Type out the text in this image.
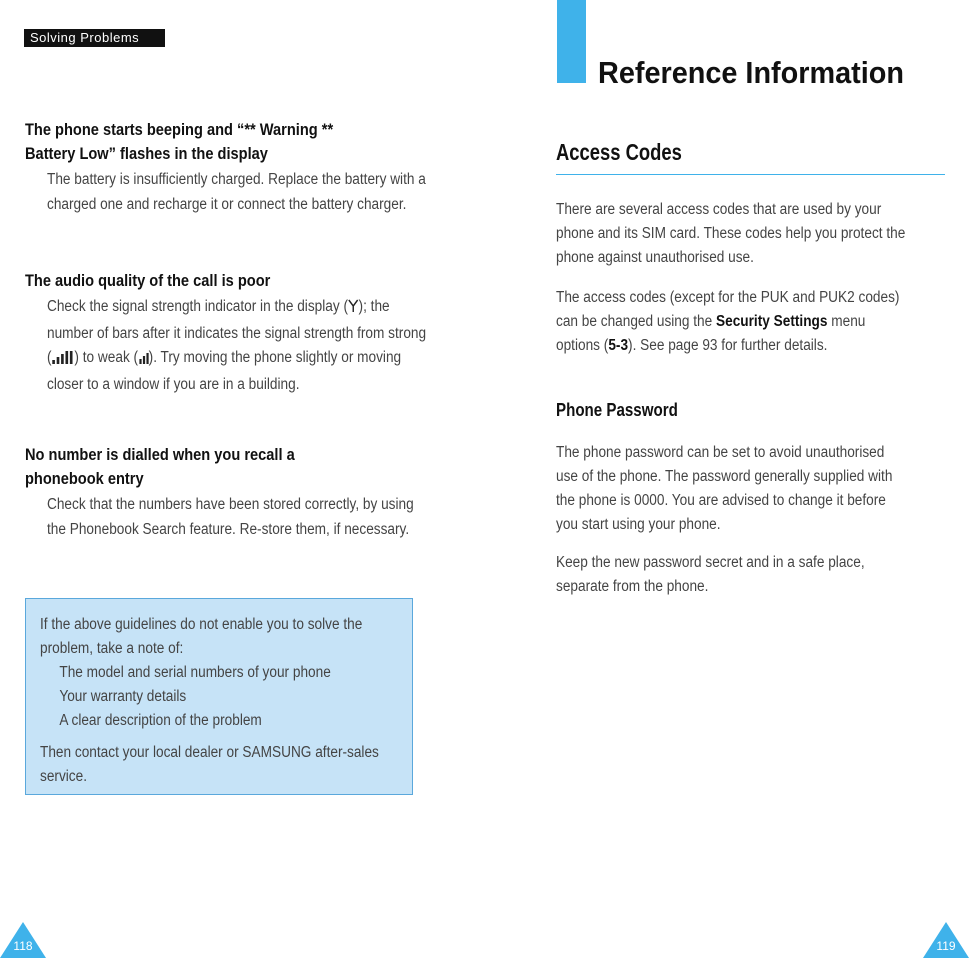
Solving Problems
The phone starts beeping and “** Warning **
Battery Low” flashes in the display
The battery is insufficiently charged. Replace the battery with a charged one and recharge it or connect the battery charger.
The audio quality of the call is poor
Check the signal strength indicator in the display ( ); the number of bars after it indicates the signal strength from strong ( ) to weak ( ). Try moving the phone slightly or moving closer to a window if you are in a building.
No number is dialled when you recall a
phonebook entry
Check that the numbers have been stored correctly, by using the Phonebook Search feature. Re-store them, if necessary.

If the above guidelines do not enable you to solve the problem, take a note of:

The model and serial numbers of your phone
Your warranty details
A clear description of the problem

Then contact your local dealer or SAMSUNG after-sales service.

118
Reference Information
Access Codes

There are several access codes that are used by your phone and its SIM card. These codes help you protect the phone against unauthorised use.

The access codes (except for the PUK and PUK2 codes) can be changed using the Security Settings menu options (5-3). See page 93 for further details.

Phone Password

The phone password can be set to avoid unauthorised use of the phone. The password generally supplied with the phone is 0000. You are advised to change it before you start using your phone.

Keep the new password secret and in a safe place, separate from the phone.

119
